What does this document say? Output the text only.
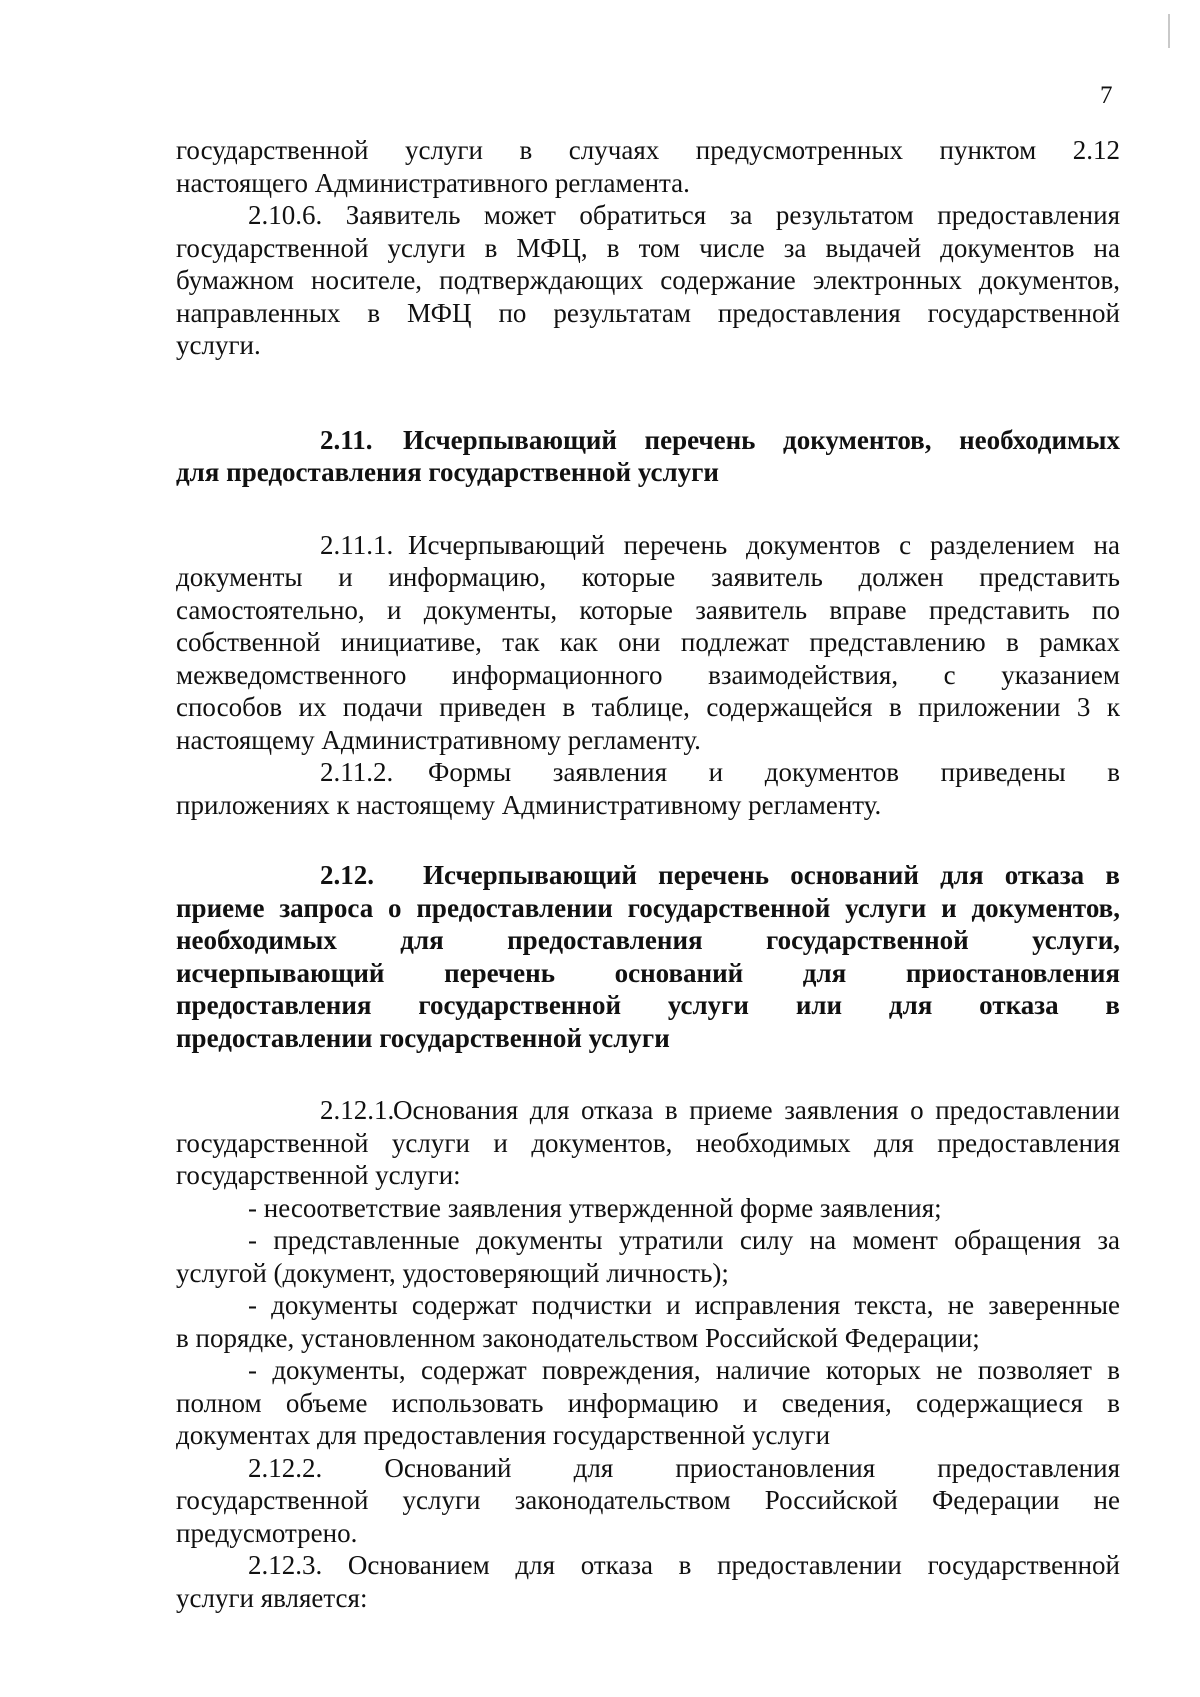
7
государственной услуги в случаях предусмотренных пунктом 2.12
настоящего Административного регламента.
2.10.6. Заявитель может обратиться за результатом предоставления
государственной услуги в МФЦ, в том числе за выдачей документов на
бумажном носителе, подтверждающих содержание электронных документов,
направленных в МФЦ по результатам предоставления государственной
услуги.
2.11. Исчерпывающий перечень документов, необходимых
для предоставления государственной услуги
2.11.1. Исчерпывающий перечень документов с разделением на
документы и информацию, которые заявитель должен представить
самостоятельно, и документы, которые заявитель вправе представить по
собственной инициативе, так как они подлежат представлению в рамках
межведомственного информационного взаимодействия, с указанием
способов их подачи приведен в таблице, содержащейся в приложении 3 к
настоящему Административному регламенту.
2.11.2. Формы заявления и документов приведены в
приложениях к настоящему Административному регламенту.
2.12. Исчерпывающий перечень оснований для отказа в
приеме запроса о предоставлении государственной услуги и документов,
необходимых для предоставления государственной услуги,
исчерпывающий перечень оснований для приостановления
предоставления государственной услуги или для отказа в
предоставлении государственной услуги
2.12.1.Основания для отказа в приеме заявления о предоставлении
государственной услуги и документов, необходимых для предоставления
государственной услуги:
- несоответствие заявления утвержденной форме заявления;
- представленные документы утратили силу на момент обращения за
услугой (документ, удостоверяющий личность);
- документы содержат подчистки и исправления текста, не заверенные
в порядке, установленном законодательством Российской Федерации;
- документы, содержат повреждения, наличие которых не позволяет в
полном объеме использовать информацию и сведения, содержащиеся в
документах для предоставления государственной услуги
2.12.2. Оснований для приостановления предоставления
государственной услуги законодательством Российской Федерации не
предусмотрено.
2.12.3. Основанием для отказа в предоставлении государственной
услуги является:
